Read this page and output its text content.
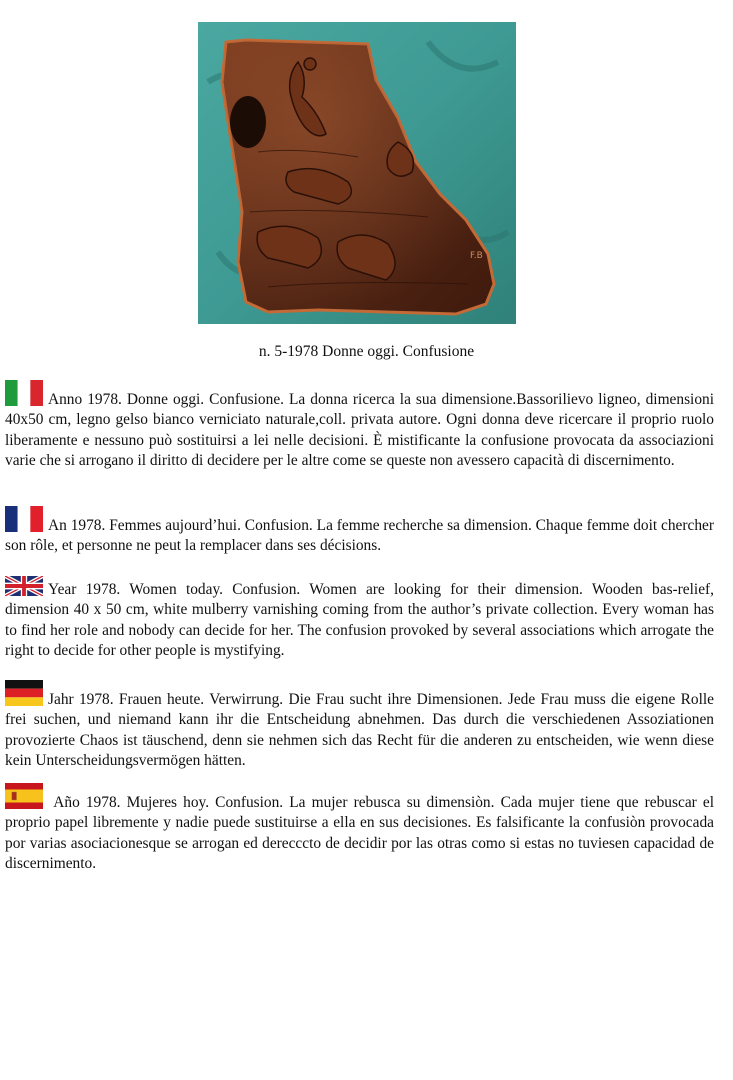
F.B
n. 5-1978 Donne oggi. Confusione
Anno 1978. Donne oggi. Confusione. La donna ricerca la sua dimensione.Bassorilievo ligneo, dimensioni 40x50 cm, legno gelso bianco verniciato naturale,coll. privata autore. Ogni donna deve ricercare il proprio ruolo liberamente e nessuno può sostituirsi a lei nelle decisioni. È mistificante la confusione provocata da associazioni varie che si arrogano il diritto di decidere per le altre come se queste non avessero capacità di discernimento.
An 1978. Femmes aujourd’hui. Confusion. La femme recherche sa dimension. Chaque femme doit chercher son rôle, et personne ne peut la remplacer dans ses décisions.
Year 1978. Women today. Confusion. Women are looking for their dimension. Wooden bas-relief, dimension 40 x 50 cm, white mulberry varnishing coming from the author’s private collection. Every woman has to find her role and nobody can decide for her. The confusion provoked by several associations which arrogate the right to decide for other people is mystifying.
Jahr 1978. Frauen heute. Verwirrung. Die Frau sucht ihre Dimensionen. Jede Frau muss die eigene Rolle frei suchen, und niemand kann ihr die Entscheidung abnehmen. Das durch die verschiedenen Assoziationen provozierte Chaos ist täuschend, denn sie nehmen sich das Recht für die anderen zu entscheiden, wie wenn diese kein Unterscheidungsvermögen hätten.
Año 1978. Mujeres hoy. Confusion. La mujer rebusca su dimensiòn. Cada mujer tiene que rebuscar el proprio papel libremente y nadie puede sustituirse a ella en sus decisiones. Es falsificante la confusiòn provocada por varias asociacionesque se arrogan ed derecccto de decidir por las otras como si estas no tuviesen capacidad de discernimento.
